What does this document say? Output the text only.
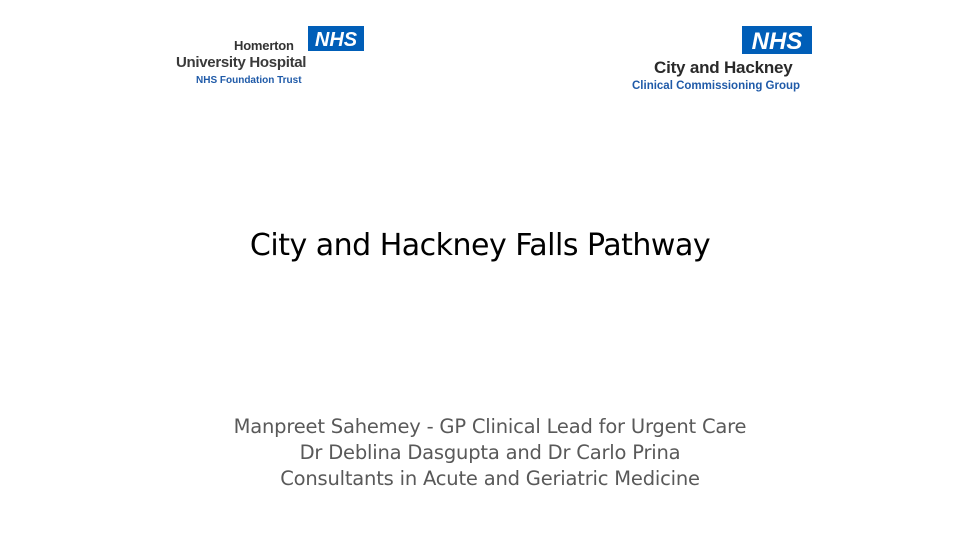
NHS
Homerton
University Hospital
NHS Foundation Trust
NHS
City and Hackney
Clinical Commissioning Group
City and Hackney Falls Pathway
Manpreet Sahemey - GP Clinical Lead for Urgent Care
Dr Deblina Dasgupta and Dr Carlo Prina
Consultants in Acute and Geriatric Medicine
